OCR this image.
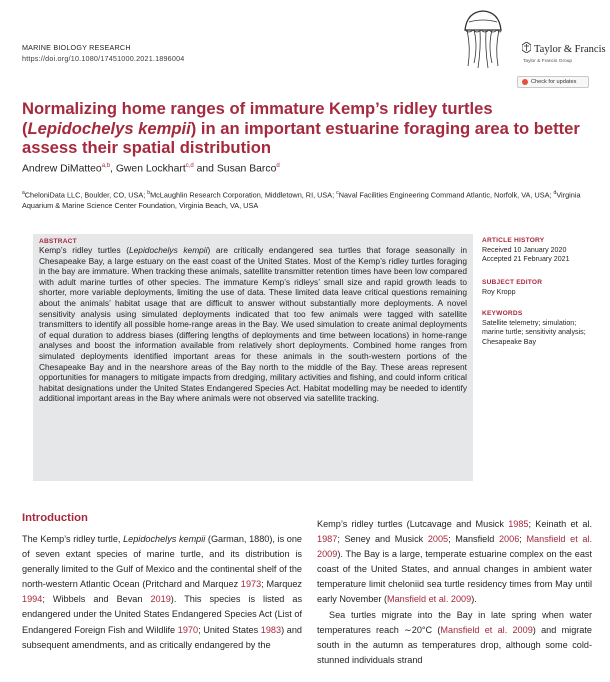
MARINE BIOLOGY RESEARCH
https://doi.org/10.1080/17451000.2021.1896004
Taylor & Francis
Taylor & Francis Group
Check for updates
Normalizing home ranges of immature Kemp’s ridley turtles (Lepidochelys kempii) in an important estuarine foraging area to better assess their spatial distribution
Andrew DiMatteo$^{a,b}$, Gwen Lockhart$^{c,d}$ and Susan Barco$^d$
$^a$CheloniData LLC, Boulder, CO, USA; $^b$McLaughlin Research Corporation, Middletown, RI, USA; $^c$Naval Facilities Engineering Command Atlantic, Norfolk, VA, USA; $^d$Virginia Aquarium & Marine Science Center Foundation, Virginia Beach, VA, USA
ABSTRACT
Kemp’s ridley turtles (Lepidochelys kempii) are critically endangered sea turtles that forage seasonally in Chesapeake Bay, a large estuary on the east coast of the United States. Most of the Kemp’s ridley turtles foraging in the bay are immature. When tracking these animals, satellite transmitter retention times have been low compared with adult marine turtles of other species. The immature Kemp’s ridleys’ small size and rapid growth leads to shorter, more variable deployments, limiting the use of data. These limited data leave critical questions remaining about the animals’ habitat usage that are difficult to answer without substantially more deployments. A novel sensitivity analysis using simulated deployments indicated that too few animals were tagged with satellite transmitters to identify all possible home-range areas in the Bay. We used simulation to create animal deployments of equal duration to address biases (differing lengths of deployments and time between locations) in home-range analyses and boost the information available from relatively short deployments. Combined home ranges from simulated deployments identified important areas for these animals in the south-western portions of the Chesapeake Bay and in the nearshore areas of the Bay north to the middle of the Bay. These areas represent opportunities for managers to mitigate impacts from dredging, military activities and fishing, and could inform critical habitat designations under the United States Endangered Species Act. Habitat modelling may be needed to identify additional important areas in the Bay where animals were not observed via satellite tracking.
ARTICLE HISTORY
Received 10 January 2020
Accepted 21 February 2021
SUBJECT EDITOR
Roy Kropp
KEYWORDS
Satellite telemetry; simulation; marine turtle; sensitivity analysis; Chesapeake Bay
Introduction

The Kemp’s ridley turtle, Lepidochelys kempii (Garman, 1880), is one of seven extant species of marine turtle, and its distribution is generally limited to the Gulf of Mexico and the continental shelf of the north-western Atlantic Ocean (Pritchard and Marquez 1973; Marquez 1994; Wibbels and Bevan 2019). This species is listed as endangered under the United States Endangered Species Act (List of Endangered Foreign Fish and Wildlife 1970; United States 1983) and subsequent amendments, and as critically endangered by the

Kemp’s ridley turtles (Lutcavage and Musick 1985; Keinath et al. 1987; Seney and Musick 2005; Mansfield 2006; Mansfield et al. 2009). The Bay is a large, temperate estuarine complex on the east coast of the United States, and annual changes in ambient water temperature limit cheloniid sea turtle residency times from May until early November (Mansfield et al. 2009).

Sea turtles migrate into the Bay in late spring when water temperatures reach ∼20°C (Mansfield et al. 2009) and migrate south in the autumn as temperatures drop, although some cold-stunned individuals strand
